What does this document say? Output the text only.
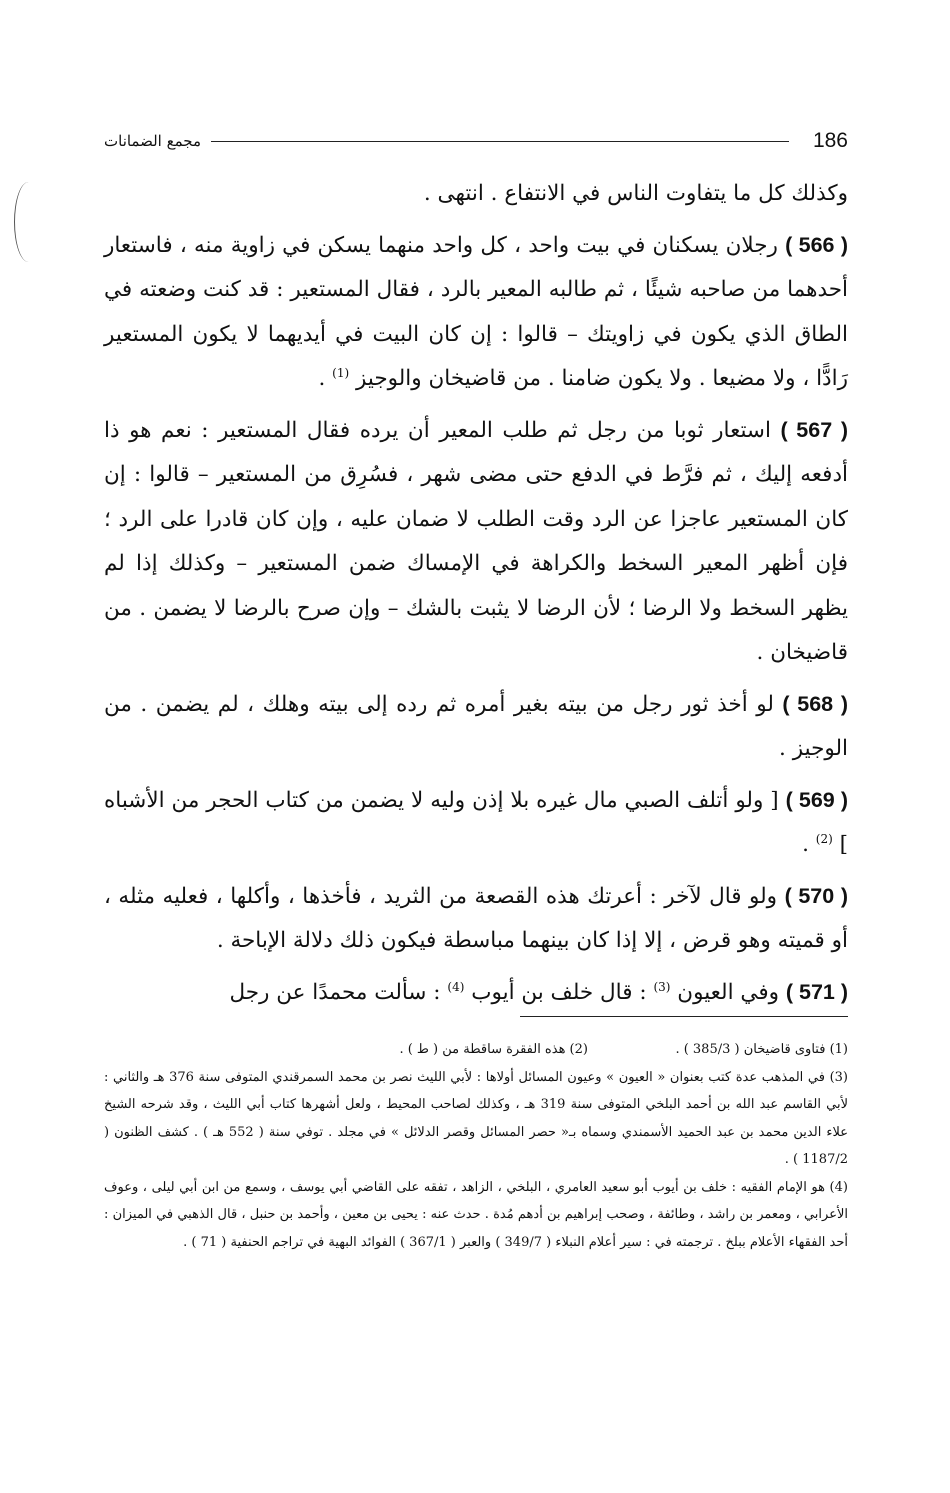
186
مجمع الضمانات

وكذلك كل ما يتفاوت الناس في الانتفاع . انتهى .

( 566 ) رجلان يسكنان في بيت واحد ، كل واحد منهما يسكن في زاوية منه ، فاستعار أحدهما من صاحبه شيئًا ، ثم طالبه المعير بالرد ، فقال المستعير : قد كنت وضعته في الطاق الذي يكون في زاويتك – قالوا : إن كان البيت في أيديهما لا يكون المستعير رَادًّا ، ولا مضيعا . ولا يكون ضامنا . من قاضيخان والوجيز $^{(1)}$ .

( 567 ) استعار ثوبا من رجل ثم طلب المعير أن يرده فقال المستعير : نعم هو ذا أدفعه إليك ، ثم فرَّط في الدفع حتى مضى شهر ، فسُرِق من المستعير – قالوا : إن كان المستعير عاجزا عن الرد وقت الطلب لا ضمان عليه ، وإن كان قادرا على الرد ؛ فإن أظهر المعير السخط والكراهة في الإمساك ضمن المستعير – وكذلك إذا لم يظهر السخط ولا الرضا ؛ لأن الرضا لا يثبت بالشك – وإن صرح بالرضا لا يضمن . من قاضيخان .

( 568 ) لو أخذ ثور رجل من بيته بغير أمره ثم رده إلى بيته وهلك ، لم يضمن . من الوجيز .

( 569 ) [ ولو أتلف الصبي مال غيره بلا إذن وليه لا يضمن من كتاب الحجر من الأشباه ] $^{(2)}$ .

( 570 ) ولو قال لآخر : أعرتك هذه القصعة من الثريد ، فأخذها ، وأكلها ، فعليه مثله ، أو قميته وهو قرض ، إلا إذا كان بينهما مباسطة فيكون ذلك دلالة الإباحة .

( 571 ) وفي العيون $^{(3)}$ : قال خلف بن أيوب $^{(4)}$ : سألت محمدًا عن رجل

(1) فتاوى قاضيخان ( 385/3 ) .
(2) هذه الفقرة ساقطة من ( ط ) .

(3) في المذهب عدة كتب بعنوان « العيون » وعيون المسائل أولاها : لأبي الليث نصر بن محمد السمرقندي المتوفى سنة 376 هـ والثاني : لأبي القاسم عبد الله بن أحمد البلخي المتوفى سنة 319 هـ ، وكذلك لصاحب المحيط ، ولعل أشهرها كتاب أبي الليث ، وقد شرحه الشيخ علاء الدين محمد بن عبد الحميد الأسمندي وسماه بـ« حصر المسائل وقصر الدلائل » في مجلد . توفي سنة ( 552 هـ ) . كشف الظنون ( 1187/2 ) .

(4) هو الإمام الفقيه : خلف بن أيوب أبو سعيد العامري ، البلخي ، الزاهد ، تفقه على القاضي أبي يوسف ، وسمع من ابن أبي ليلى ، وعوف الأعرابي ، ومعمر بن راشد ، وطائفة ، وصحب إبراهيم بن أدهم مُدة . حدث عنه : يحيى بن معين ، وأحمد بن حنبل ، قال الذهبي في الميزان : أحد الفقهاء الأعلام ببلخ . ترجمته في : سير أعلام النبلاء ( 349/7 ) والعبر ( 367/1 ) الفوائد البهية في تراجم الحنفية ( 71 ) .
